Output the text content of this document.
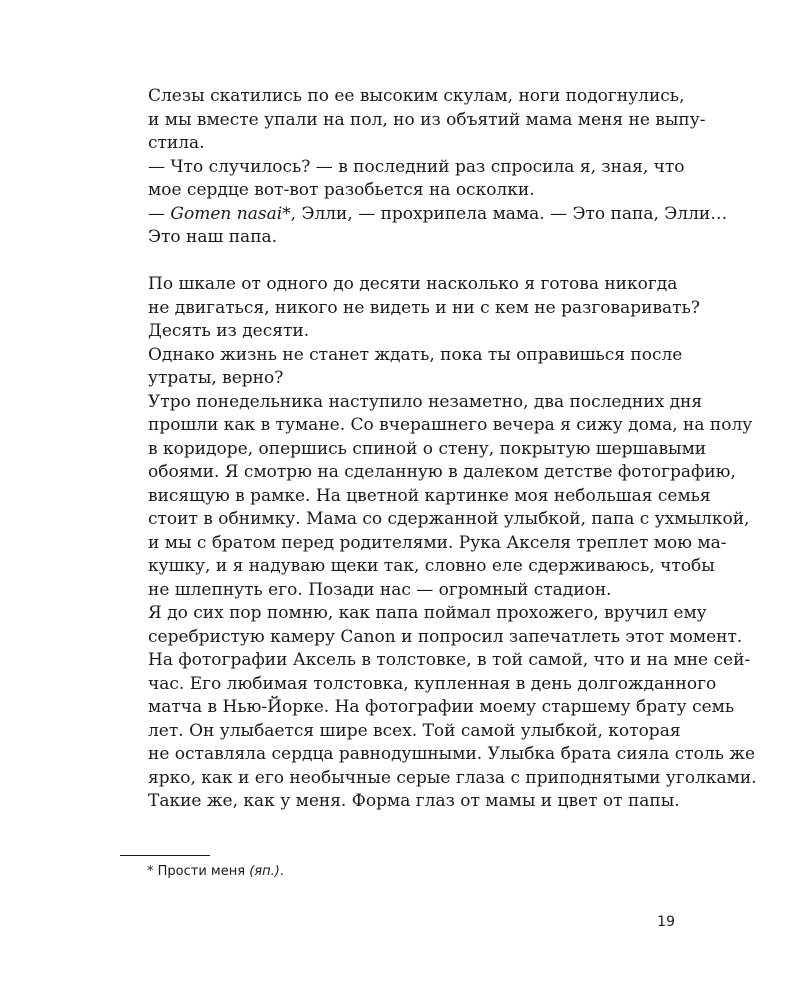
Слезы скатились по ее высоким скулам, ноги подогнулись,
и мы вместе упали на пол, но из объятий мама меня не выпу-
стила.

— Что случилось? — в последний раз спросила я, зная, что
мое сердце вот-вот разобьется на осколки.

— Gomen nasai*, Элли, — прохрипела мама. — Это папа, Элли…
Это наш папа.

По шкале от одного до десяти насколько я готова никогда
не двигаться, никого не видеть и ни с кем не разговаривать?

Десять из десяти.

Однако жизнь не станет ждать, пока ты оправишься после
утраты, верно?

Утро понедельника наступило незаметно, два последних дня
прошли как в тумане. Со вчерашнего вечера я сижу дома, на полу
в коридоре, опершись спиной о стену, покрытую шершавыми
обоями. Я смотрю на сделанную в далеком детстве фотографию,
висящую в рамке. На цветной картинке моя небольшая семья
стоит в обнимку. Мама со сдержанной улыбкой, папа с ухмылкой,
и мы с братом перед родителями. Рука Акселя треплет мою ма-
кушку, и я надуваю щеки так, словно еле сдерживаюсь, чтобы
не шлепнуть его. Позади нас — огромный стадион.

Я до сих пор помню, как папа поймал прохожего, вручил ему
серебристую камеру Canon и попросил запечатлеть этот момент.
На фотографии Аксель в толстовке, в той самой, что и на мне сей-
час. Его любимая толстовка, купленная в день долгожданного
матча в Нью-Йорке. На фотографии моему старшему брату семь
лет. Он улыбается шире всех. Той самой улыбкой, которая
не оставляла сердца равнодушными. Улыбка брата сияла столь же
ярко, как и его необычные серые глаза с приподнятыми уголками.
Такие же, как у меня. Форма глаз от мамы и цвет от папы.

* Прости меня (яп.).
19
